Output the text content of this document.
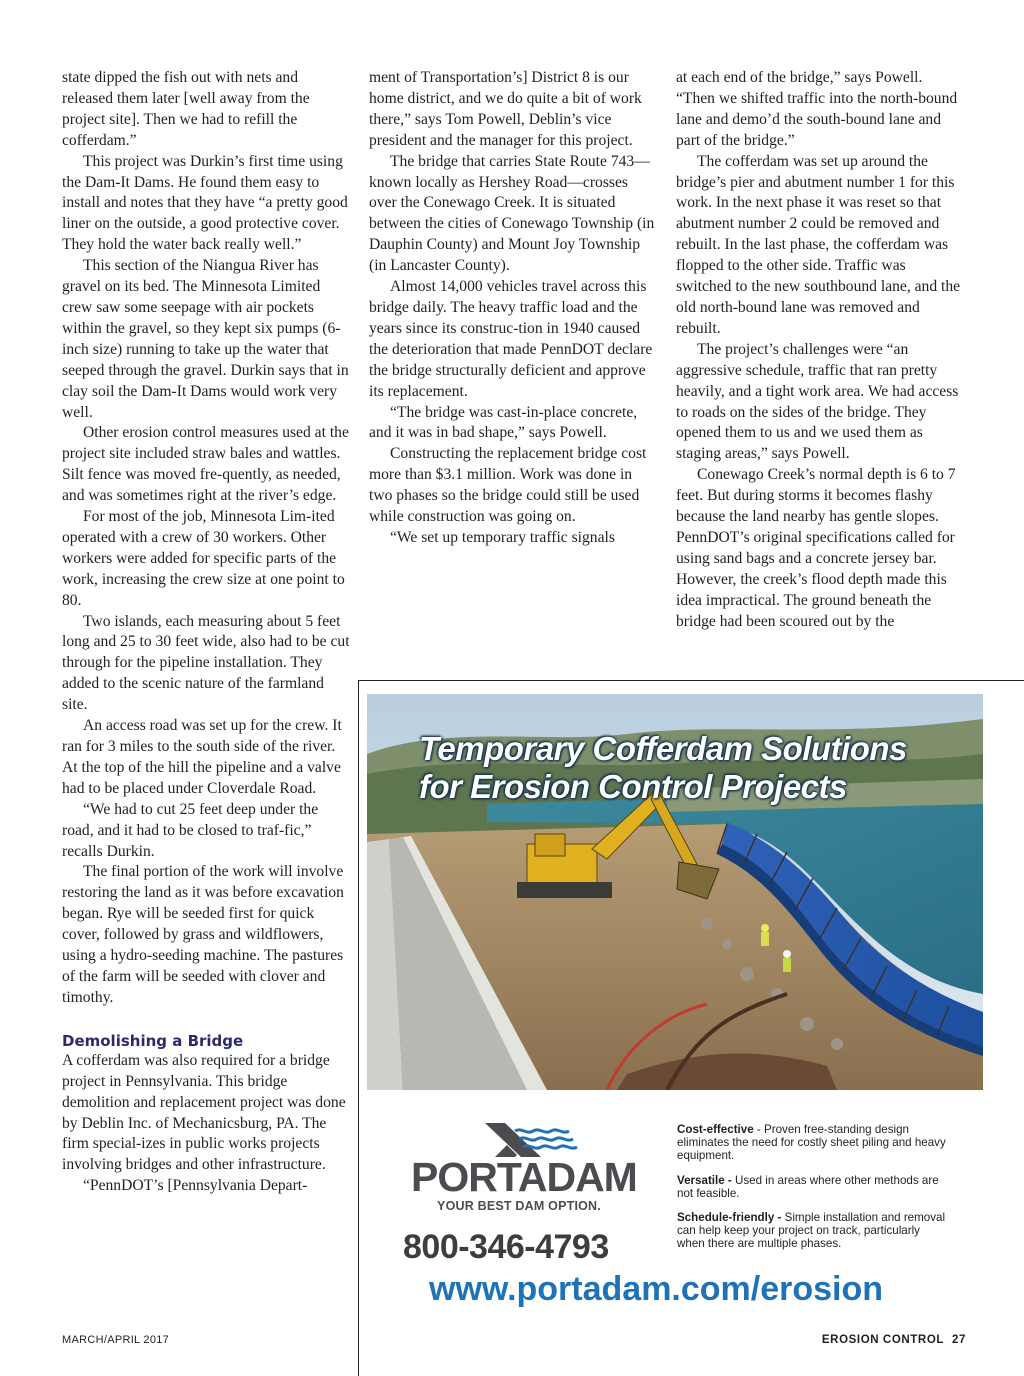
state dipped the fish out with nets and released them later [well away from the project site]. Then we had to refill the cofferdam.”

This project was Durkin’s first time using the Dam-It Dams. He found them easy to install and notes that they have “a pretty good liner on the outside, a good protective cover. They hold the water back really well.”

This section of the Niangua River has gravel on its bed. The Minnesota Limited crew saw some seepage with air pockets within the gravel, so they kept six pumps (6-inch size) running to take up the water that seeped through the gravel. Durkin says that in clay soil the Dam-It Dams would work very well.

Other erosion control measures used at the project site included straw bales and wattles. Silt fence was moved fre-quently, as needed, and was sometimes right at the river’s edge.

For most of the job, Minnesota Lim-ited operated with a crew of 30 workers. Other workers were added for specific parts of the work, increasing the crew size at one point to 80.

Two islands, each measuring about 5 feet long and 25 to 30 feet wide, also had to be cut through for the pipeline installation. They added to the scenic nature of the farmland site.

An access road was set up for the crew. It ran for 3 miles to the south side of the river. At the top of the hill the pipeline and a valve had to be placed under Cloverdale Road.

“We had to cut 25 feet deep under the road, and it had to be closed to traf-fic,” recalls Durkin.

The final portion of the work will involve restoring the land as it was before excavation began. Rye will be seeded first for quick cover, followed by grass and wildflowers, using a hydro-seeding machine. The pastures of the farm will be seeded with clover and timothy.

Demolishing a Bridge

A cofferdam was also required for a bridge project in Pennsylvania. This bridge demolition and replacement project was done by Deblin Inc. of Mechanicsburg, PA. The firm special-izes in public works projects involving bridges and other infrastructure.

“PennDOT’s [Pennsylvania Depart-

ment of Transportation’s] District 8 is our home district, and we do quite a bit of work there,” says Tom Powell, Deblin’s vice president and the manager for this project.

The bridge that carries State Route 743—known locally as Hershey Road—crosses over the Conewago Creek. It is situated between the cities of Conewago Township (in Dauphin County) and Mount Joy Township (in Lancaster County).

Almost 14,000 vehicles travel across this bridge daily. The heavy traffic load and the years since its construc-tion in 1940 caused the deterioration that made PennDOT declare the bridge structurally deficient and approve its replacement.

“The bridge was cast-in-place concrete, and it was in bad shape,” says Powell.

Constructing the replacement bridge cost more than $3.1 million. Work was done in two phases so the bridge could still be used while construction was going on.

“We set up temporary traffic signals

at each end of the bridge,” says Powell. “Then we shifted traffic into the north-bound lane and demo’d the south-bound lane and part of the bridge.”

The cofferdam was set up around the bridge’s pier and abutment number 1 for this work. In the next phase it was reset so that abutment number 2 could be removed and rebuilt. In the last phase, the cofferdam was flopped to the other side. Traffic was switched to the new southbound lane, and the old north-bound lane was removed and rebuilt.

The project’s challenges were “an aggressive schedule, traffic that ran pretty heavily, and a tight work area. We had access to roads on the sides of the bridge. They opened them to us and we used them as staging areas,” says Powell.

Conewago Creek’s normal depth is 6 to 7 feet. But during storms it becomes flashy because the land nearby has gentle slopes. PennDOT’s original specifications called for using sand bags and a concrete jersey bar. However, the creek’s flood depth made this idea impractical. The ground beneath the bridge had been scoured out by the

Temporary Cofferdam Solutions
for Erosion Control Projects
PORTADAM
YOUR BEST DAM OPTION.
800-346-4793
Cost-effective - Proven free-standing design eliminates the need for costly sheet piling and heavy equipment.
Versatile - Used in areas where other methods are not feasible.
Schedule-friendly - Simple installation and removal can help keep your project on track, particularly when there are multiple phases.
www.portadam.com/erosion
MARCH/APRIL 2017	EROSION CONTROL 27
